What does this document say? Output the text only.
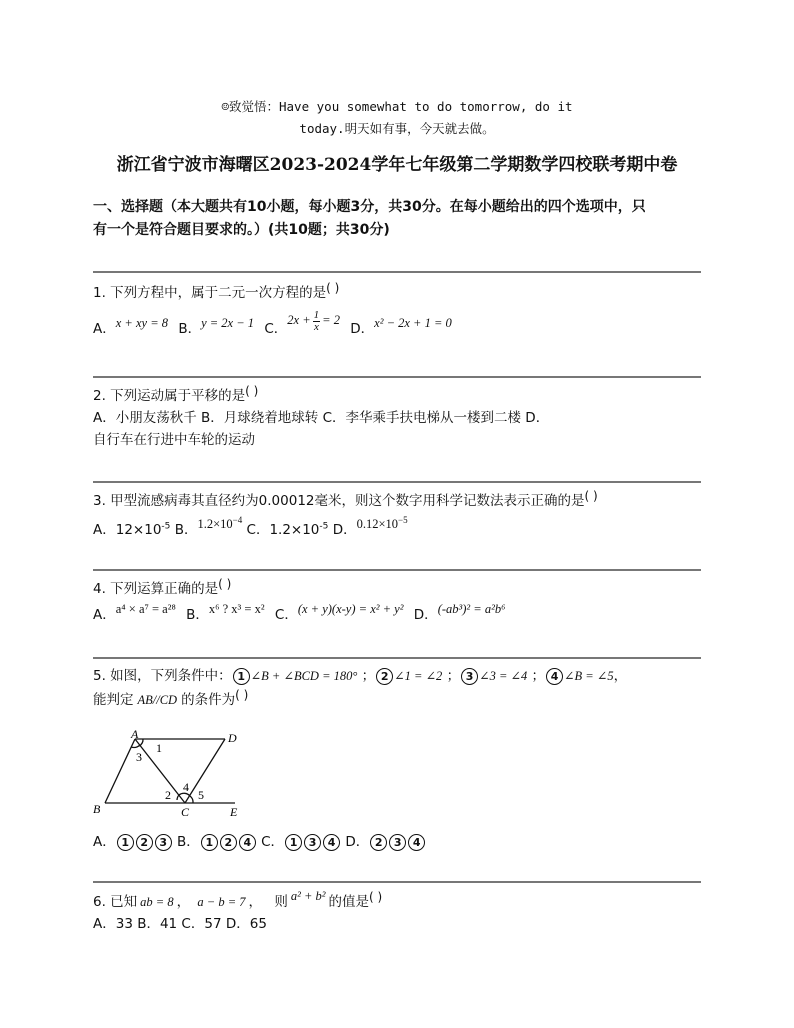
☺致觉悟：Have you somewhat to do tomorrow, do it
today.明天如有事，今天就去做。
浙江省宁波市海曙区2023-2024学年七年级第二学期数学四校联考期中卷
一、选择题（本大题共有10小题，每小题3分，共30分。在每小题给出的四个选项中，只
有一个是符合题目要求的。）(共10题；共30分)
1. 下列方程中，属于二元一次方程的是( )
A．x + xy = 8 B．y = 2x − 1 C．$2x + \frac{1}{x} = 2$ D．x² − 2x + 1 = 0
2. 下列运动属于平移的是( )
A．小朋友荡秋千 B．月球绕着地球转 C．李华乘手扶电梯从一楼到二楼 D．
自行车在行进中车轮的运动
3. 甲型流感病毒其直径约为0.00012毫米，则这个数字用科学记数法表示正确的是( )
A．$12\times 10^{-5}$ B．$1.2\times 10^{-4}$ C．$1.2\times 10^{-5}$ D．$0.12\times 10^{-5}$
4. 下列运算正确的是( )
A．a⁴ × a⁷ = a²⁸ B．x⁶ ? x³ = x² C．(x + y)(x-y) = x² + y² D．(-ab³)² = a²b⁶
5. 如图，下列条件中： 1 ∠B + ∠BCD = 180° ； 2 ∠1 = ∠2 ； 3 ∠3 = ∠4 ； 4 ∠B = ∠5，
能判定 AB//CD 的条件为( )
A	D
B	C	E
1
3
2
4
5
A． 1 2 3 B． 1 2 4 C． 1 3 4 D． 2 3 4
6. 已知 ab = 8 ， a − b = 7 ， 则 a² + b² 的值是( )
A．33 B．41 C．57 D．65
